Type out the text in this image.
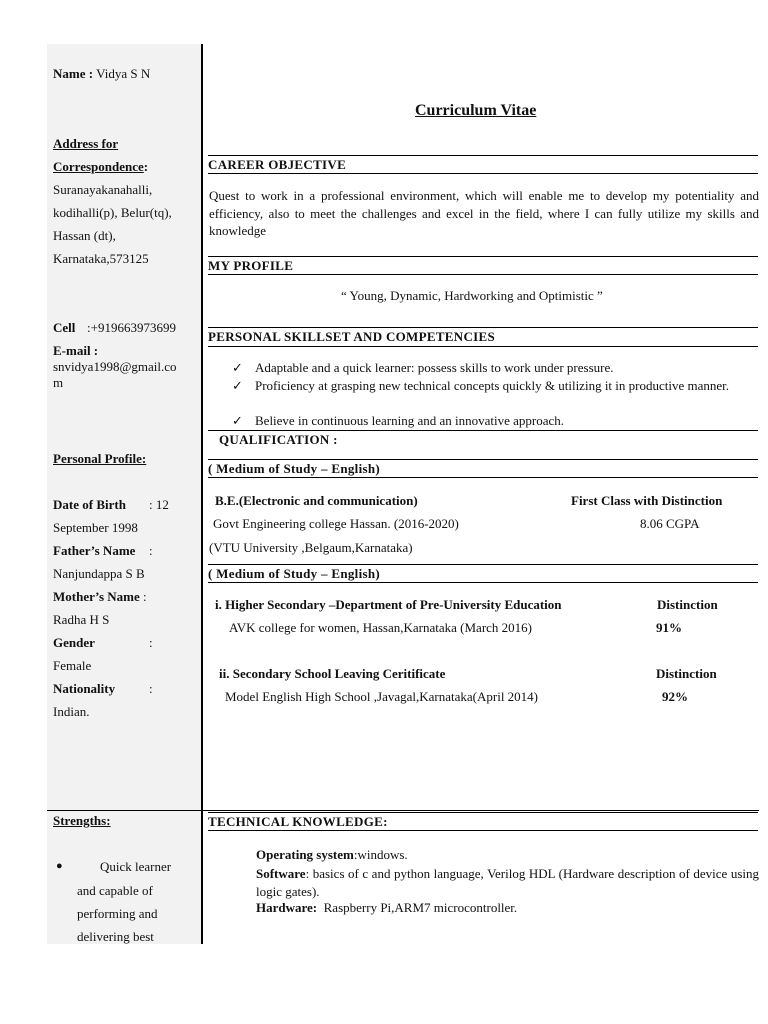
Name : Vidya S N
Address for
Correspondence:
Suranayakanahalli,
kodihalli(p), Belur(tq),
Hassan (dt),
Karnataka,573125
Cell :+919663973699
E-mail :
snvidya1998@gmail.co
m
Personal Profile:
Date of Birth : 12
September 1998
Father’s Name :
Nanjundappa S B
Mother’s Name :
Radha H S
Gender	:
Female
Nationality	:
Indian.
Strengths:
●	Quick learner
and capable of
performing and
delivering best
Curriculum Vitae
CAREER OBJECTIVE
Quest to work in a professional environment, which will enable me to develop my potentiality and efficiency, also to meet the challenges and excel in the field, where I can fully utilize my skills and knowledge
MY PROFILE
“ Young, Dynamic, Hardworking and Optimistic ”
PERSONAL SKILLSET AND COMPETENCIES
✓ Adaptable and a quick learner: possess skills to work under pressure.
✓ Proficiency at grasping new technical concepts quickly & utilizing it in productive manner.
✓ Believe in continuous learning and an innovative approach.
QUALIFICATION :
( Medium of Study – English)
B.E.(Electronic and communication)	First Class with Distinction
Govt Engineering college Hassan. (2016-2020)	8.06 CGPA
(VTU University ,Belgaum,Karnataka)
( Medium of Study – English)
i. Higher Secondary –Department of Pre-University Education	Distinction
AVK college for women, Hassan,Karnataka (March 2016)	91%
ii. Secondary School Leaving Ceritificate	Distinction
Model English High School ,Javagal,Karnataka(April 2014)	92%
TECHNICAL KNOWLEDGE:
Operating system:windows.
Software: basics of c and python language, Verilog HDL (Hardware description of device using logic gates).
Hardware: Raspberry Pi,ARM7 microcontroller.
